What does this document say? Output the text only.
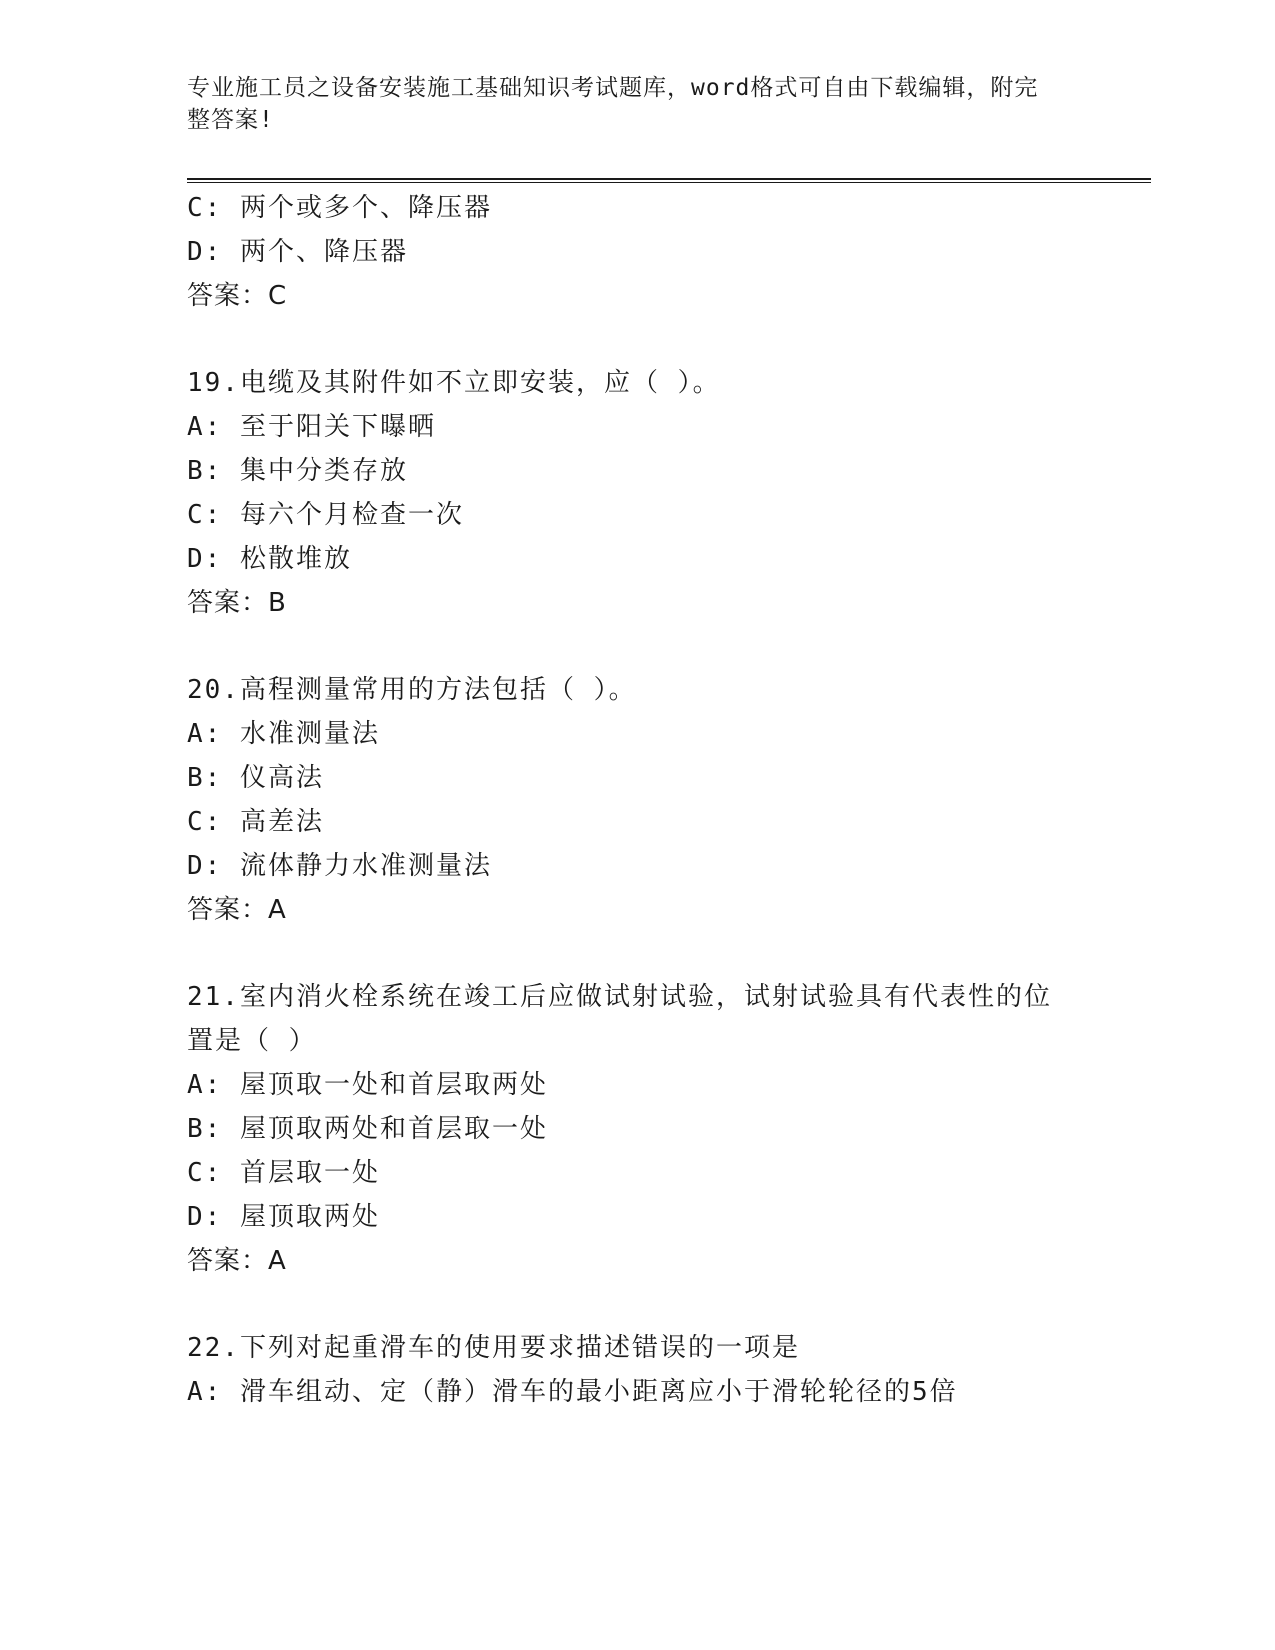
专业施工员之设备安装施工基础知识考试题库，word格式可自由下载编辑，附完
整答案!
C: 两个或多个、降压器
D: 两个、降压器
答案：C
19.电缆及其附件如不立即安装，应（ ）。
A: 至于阳关下曝晒
B: 集中分类存放
C: 每六个月检查一次
D: 松散堆放
答案：B
20.高程测量常用的方法包括（ ）。
A: 水准测量法
B: 仪高法
C: 高差法
D: 流体静力水准测量法
答案：A
21.室内消火栓系统在竣工后应做试射试验，试射试验具有代表性的位
置是（ ）
A: 屋顶取一处和首层取两处
B: 屋顶取两处和首层取一处
C: 首层取一处
D: 屋顶取两处
答案：A
22.下列对起重滑车的使用要求描述错误的一项是
A: 滑车组动、定（静）滑车的最小距离应小于滑轮轮径的5倍
